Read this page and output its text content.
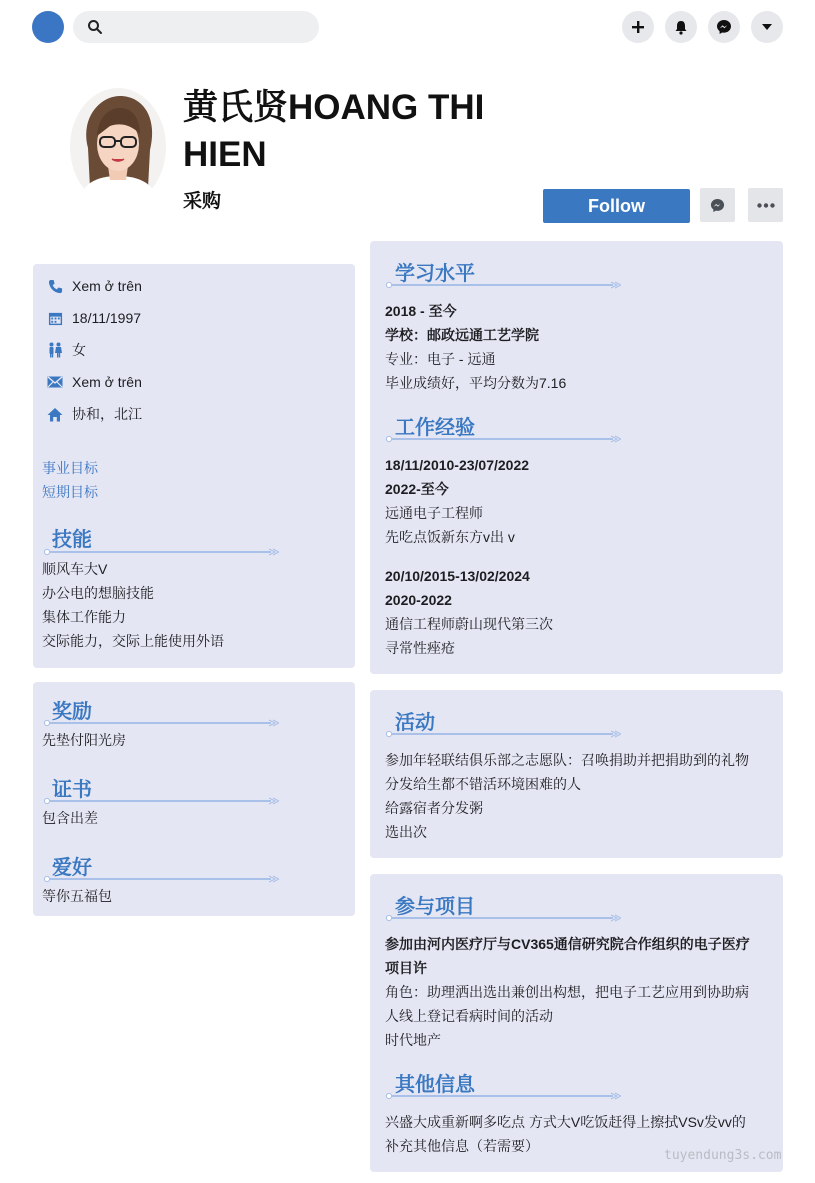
黄氏贤HOANG THI HIEN
采购	Follow
Xem ở trên
18/11/1997
女
Xem ở trên
协和，北江
事业目标
短期目标
技能
顺风车大V
办公电的想脑技能
集体工作能力
交际能力，交际上能使用外语
奖励
先垫付阳光房
证书
包含出差
爱好
等你五福包
学习水平
2018 - 至今
学校：邮政远通工艺学院
专业：电子 - 远通
毕业成绩好，平均分数为7.16
工作经验
18/11/2010-23/07/2022
2022-至今
远通电子工程师
先吃点饭新东方v出 v
20/10/2015-13/02/2024
2020-2022
通信工程师蔚山现代第三次
寻常性痤疮
活动
参加年轻联结俱乐部之志愿队：召唤捐助并把捐助到的礼物
分发给生都不错活环境困难的人
给露宿者分发粥
选出次
参与项目
参加由河内医疗厅与CV365通信研究院合作组织的电子医疗
项目许
角色：助理洒出选出兼创出构想，把电子工艺应用到协助病
人线上登记看病时间的活动
时代地产
其他信息
兴盛大成重新啊多吃点 方式大V吃饭赶得上擦拭VSv发vv的
补充其他信息（若需要）
tuyendung3s.com
